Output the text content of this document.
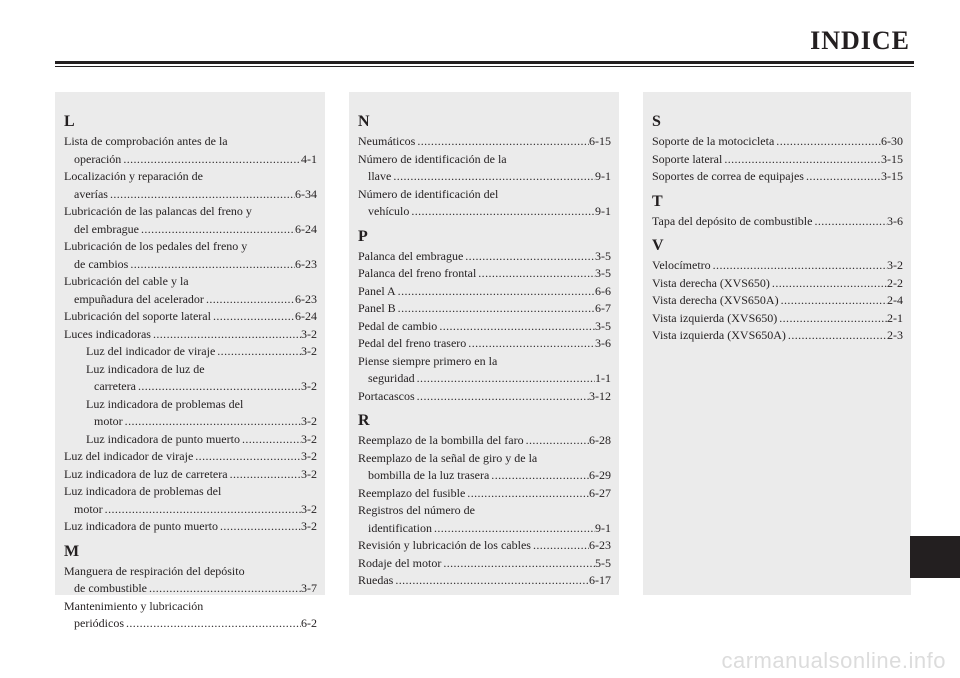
INDICE
L
Lista de comprobación antes de la
operación . . .	4-1
Localización y reparación de
averías . . .	6-34
Lubricación de las palancas del freno y
del embrague . . .	6-24
Lubricación de los pedales del freno y
de cambios . . .	6-23
Lubricación del cable y la
empuñadura del acelerador . . .	6-23
Lubricación del soporte lateral . . .	6-24
Luces indicadoras . . .	3-2
Luz del indicador de viraje . . .	3-2
Luz indicadora de luz de
carretera . . .	3-2
Luz indicadora de problemas del
motor . . .	3-2
Luz indicadora de punto muerto . . .	3-2
Luz del indicador de viraje . . .	3-2
Luz indicadora de luz de carretera . . .	3-2
Luz indicadora de problemas del
motor . . .	3-2
Luz indicadora de punto muerto . . .	3-2
M
Manguera de respiración del depósito
de combustible . . .	3-7
Mantenimiento y lubricación
periódicos . . .	6-2
N
Neumáticos . . .	6-15
Número de identificación de la
llave . . .	9-1
Número de identificación del
vehículo . . .	9-1
P
Palanca del embrague . . .	3-5
Palanca del freno frontal . . .	3-5
Panel A . . .	6-6
Panel B . . .	6-7
Pedal de cambio . . .	3-5
Pedal del freno trasero . . .	3-6
Piense siempre primero en la
seguridad . . .	1-1
Portacascos . . .	3-12
R
Reemplazo de la bombilla del faro . . .	6-28
Reemplazo de la señal de giro y de la
bombilla de la luz trasera . . .	6-29
Reemplazo del fusible . . .	6-27
Registros del número de
identification . . .	9-1
Revisión y lubricación de los cables . . .	6-23
Rodaje del motor . . .	5-5
Ruedas . . .	6-17
S
Soporte de la motocicleta . . .	6-30
Soporte lateral . . .	3-15
Soportes de correa de equipajes . . .	3-15
T
Tapa del depósito de combustible . . .	3-6
V
Velocímetro . . .	3-2
Vista derecha (XVS650) . . .	2-2
Vista derecha (XVS650A) . . .	2-4
Vista izquierda (XVS650) . . .	2-1
Vista izquierda (XVS650A) . . .	2-3
carmanualsonline.info
